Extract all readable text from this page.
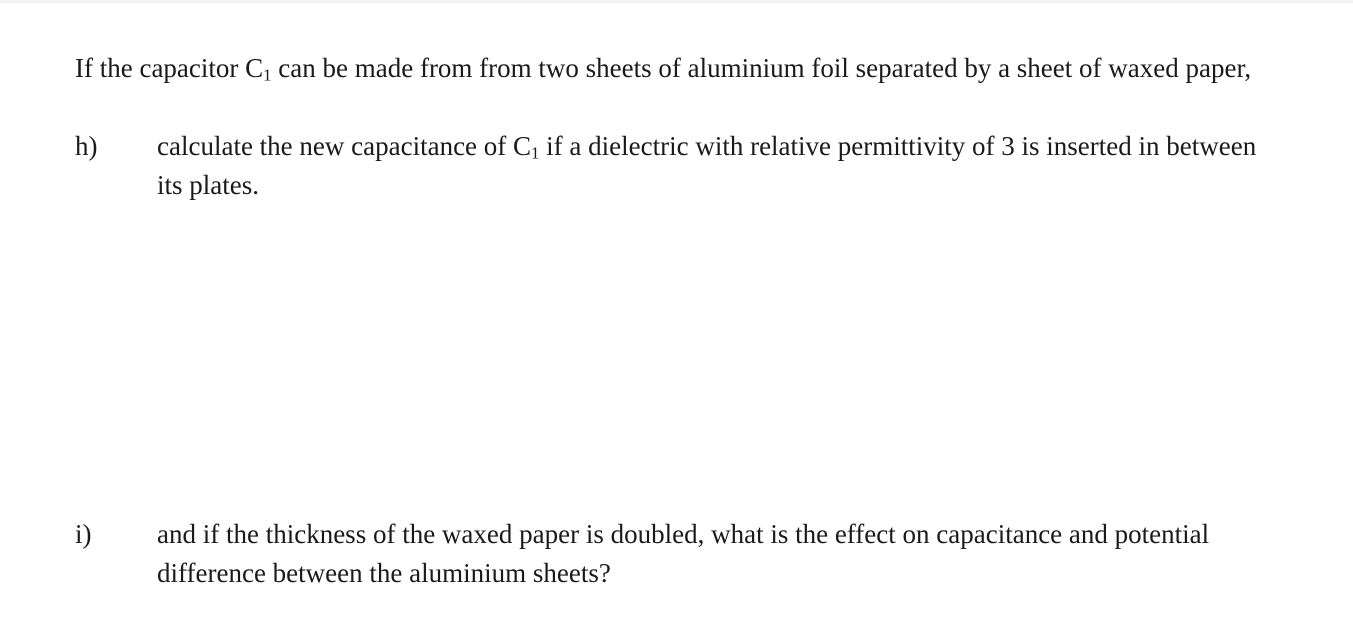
If the capacitor $C_1$ can be made from from two sheets of aluminium foil separated by a sheet of waxed paper,

h)	calculate the new capacitance of $C_1$ if a dielectric with relative permittivity of 3 is inserted in between its plates.

i)	and if the thickness of the waxed paper is doubled, what is the effect on capacitance and potential difference between the aluminium sheets?
